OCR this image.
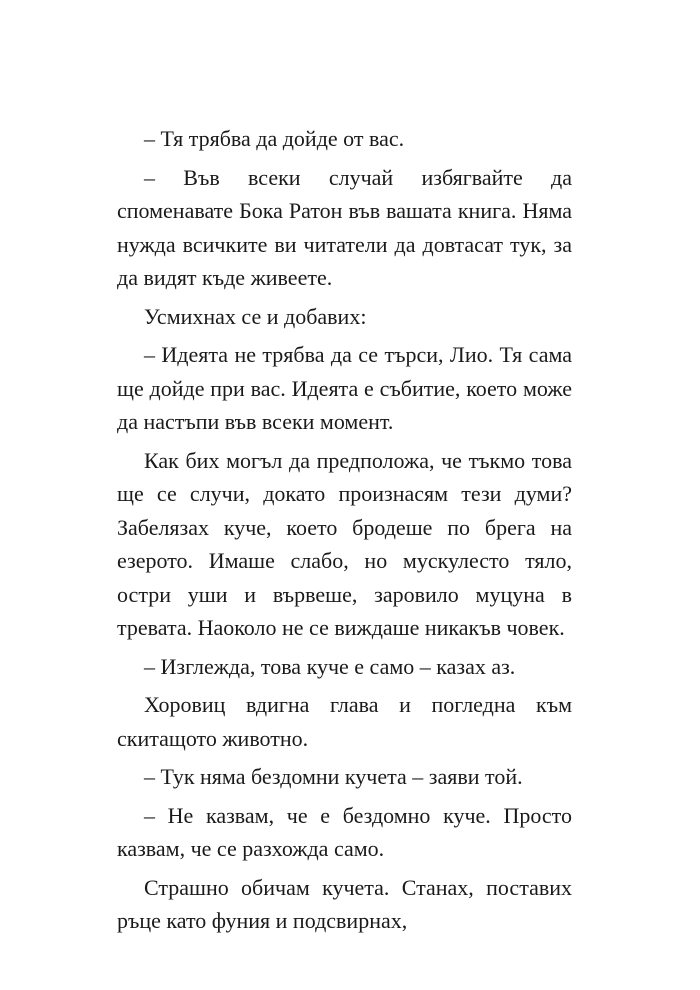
– Тя трябва да дойде от вас.

– Във всеки случай избягвайте да споменавате Бока Ратон във вашата книга. Няма нужда всичките ви читатели да довтасат тук, за да видят къде живеете.

Усмихнах се и добавих:

– Идеята не трябва да се търси, Лио. Тя сама ще дойде при вас. Идеята е събитие, което може да настъпи във всеки момент.

Как бих могъл да предположа, че тъкмо това ще се случи, докато произнасям тези думи? Забелязах куче, което бродеше по брега на езерото. Имаше слабо, но мускулесто тяло, остри уши и вървеше, заровило муцуна в тревата. Наоколо не се виждаше никакъв човек.

– Изглежда, това куче е само – казах аз.

Хоровиц вдигна глава и погледна към скитащото животно.

– Тук няма бездомни кучета – заяви той.

– Не казвам, че е бездомно куче. Просто казвам, че се разхожда само.

Страшно обичам кучета. Станах, поставих ръце като фуния и подсвирнах,
